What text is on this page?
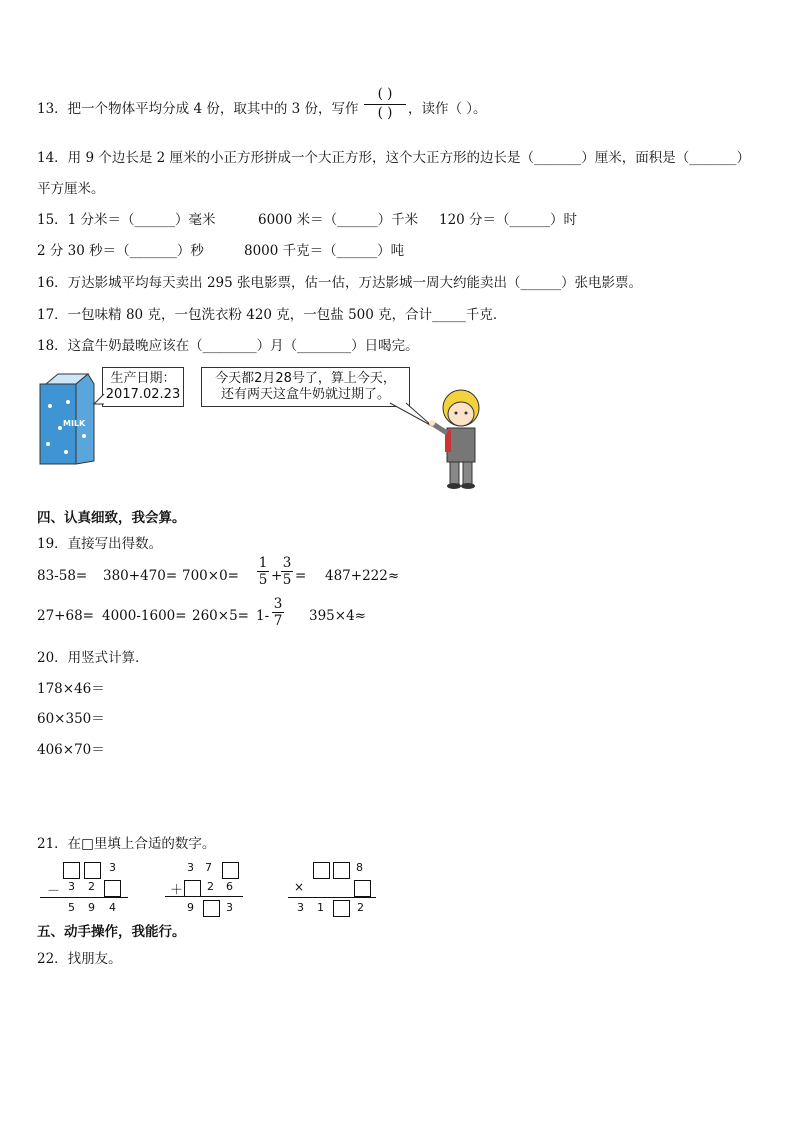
13．把一个物体平均分成 4 份，取其中的 3 份，写作
( )
( )	，读作（ ）。
14．用 9 个边长是 2 厘米的小正方形拼成一个大正方形，这个大正方形的边长是（_______）厘米，面积是（_______）
平方厘米。
15．1 分米＝（______）毫米	6000 米＝（______）千米 120 分＝（______）时
2 分 30 秒＝（_______）秒	8000 千克＝（______）吨
16．万达影城平均每天卖出 295 张电影票，估一估，万达影城一周大约能卖出（______）张电影票。
17．一包味精 80 克，一包洗衣粉 420 克，一包盐 500 克，合计_____千克．
18．这盒牛奶最晚应该在（________）月（________）日喝完。
MILK
生产日期：
2017.02.23
今天都2月28号了，算上今天，
还有两天这盒牛奶就过期了。
四、认真细致，我会算。
19．直接写出得数。
83-58= 380+470= 700×0=
1
5 +
3
5 = 487+222≈
27+68= 4000-1600= 260×5= 1-
3
7 395×4≈
20．用竖式计算．
178×46＝
60×350＝
406×70＝
21．在□里填上合适的数字。
3
－ 3 2
5 9 4
3 7
＋ 2 6
9	3
8
×
3 1	2
五、动手操作，我能行。
22．找朋友。
